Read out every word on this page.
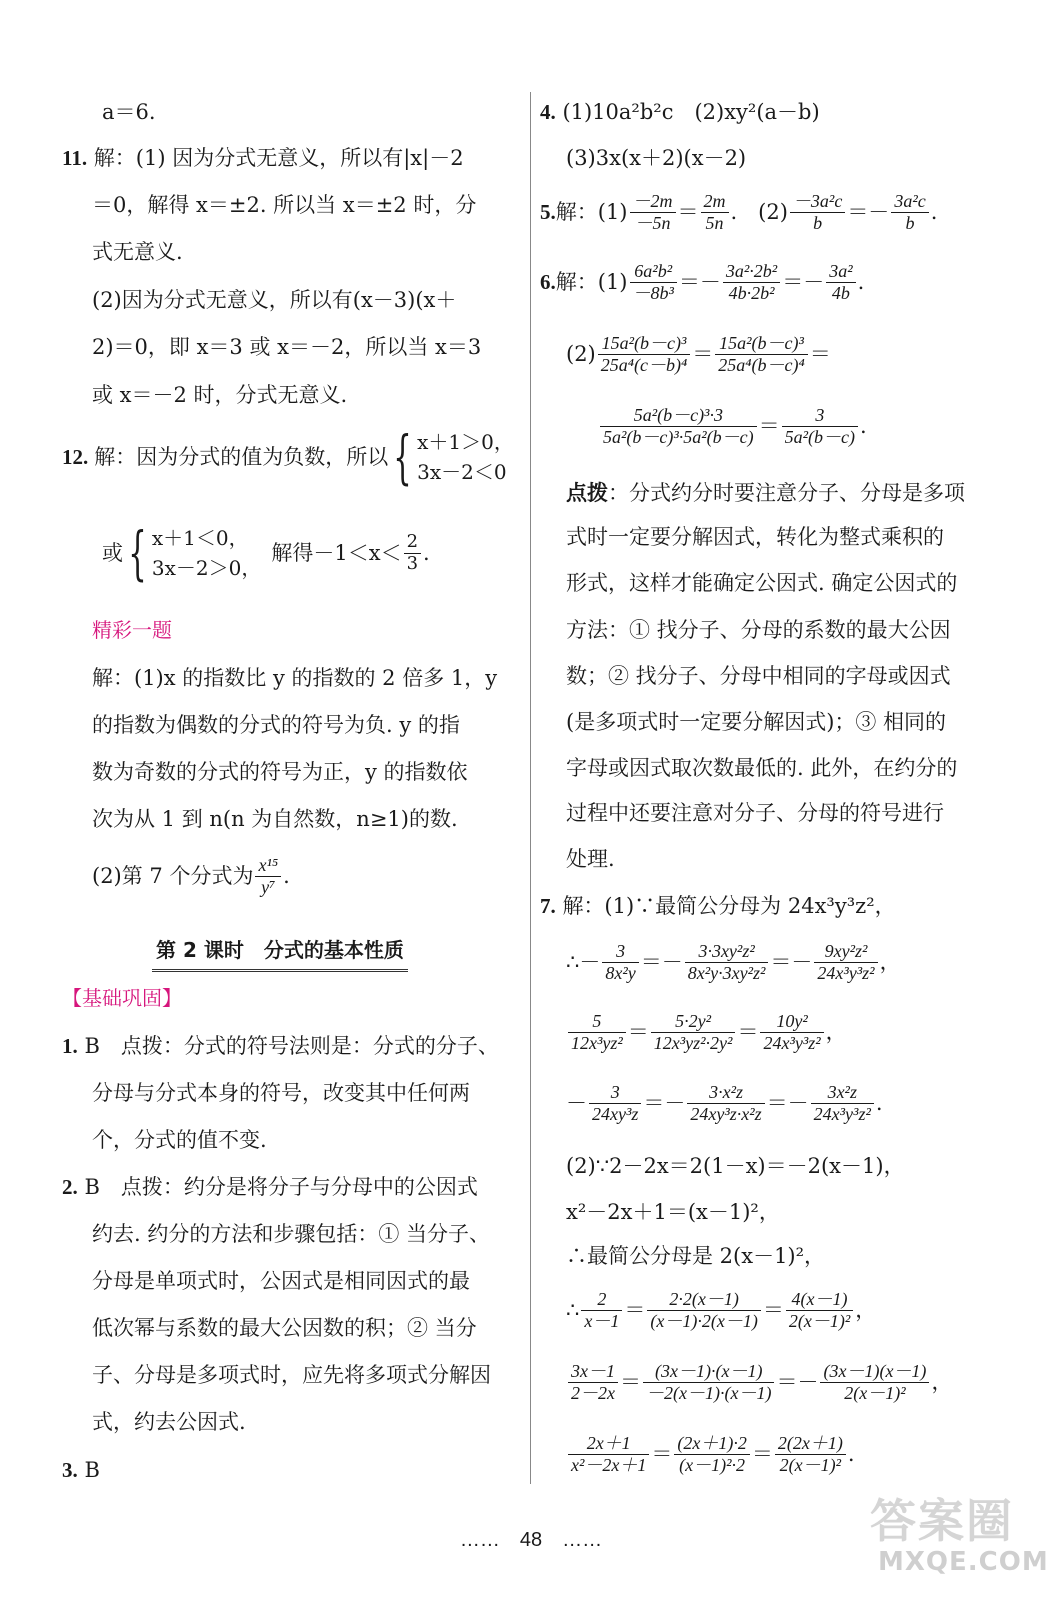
a＝6.
11. 解：(1) 因为分式无意义，所以有|x|－2
＝0，解得 x＝±2. 所以当 x＝±2 时，分
式无意义.
(2)因为分式无意义，所以有(x－3)(x＋
2)＝0，即 x＝3 或 x＝－2，所以当 x＝3
或 x＝－2 时，分式无意义.
12. 解：因为分式的值为负数，所以 { x＋1＞0，
3x－2＜0
或 { x＋1＜0，
3x－2＞0，
解得$-1<x< \frac{2}{3}$ .
精彩一题
解：(1)x 的指数比 y 的指数的 2 倍多 1，y
的指数为偶数的分式的符号为负. y 的指
数为奇数的分式的符号为正，y 的指数依
次为从 1 到 n(n 为自然数，n≥1)的数.
(2)第 7 个分式为 $\frac{\text{x¹⁵}}{\text{y⁷}}$ .
第 2 课时　分式的基本性质
【基础巩固】
1. B　点拨：分式的符号法则是：分式的分子、
分母与分式本身的符号，改变其中任何两
个，分式的值不变.
2. B　点拨：约分是将分子与分母中的公因式
约去. 约分的方法和步骤包括：① 当分子、
分母是单项式时，公因式是相同因式的最
低次幂与系数的最大公因数的积；② 当分
子、分母是多项式时，应先将多项式分解因
式，约去公因式.
3. B
4. (1)10a²b²c　(2)xy²(a－b)
(3)3x(x＋2)(x－2)
5. 解：$(1) \frac{-2m}{-5n} = \frac{2m}{5n}$ .　$(2) \frac{\text{－3a²c}}{b} =- \frac{\text{3a²c}}{b}$ .
6. 解：$(1) \frac{\text{6a²b²}}{\text{－8b³}} =- \frac{\text{3a²·2b²}}{\text{4b·2b²}} =- \frac{\text{3a²}}{4b}$ .
$(2) \frac{\text{15a²(b－c)³}}{\text{25a⁴(c－b)⁴}} = \frac{\text{15a²(b－c)³}}{\text{25a⁴(b－c)⁴}}$ ＝
$\frac{\text{5a²(b－c)³·3}}{\text{5a²(b－c)³·5a²(b－c)}} = \frac{3}{\text{5a²(b－c)}}$ .
点拨：分式约分时要注意分子、分母是多项
式时一定要分解因式，转化为整式乘积的
形式，这样才能确定公因式. 确定公因式的
方法：① 找分子、分母的系数的最大公因
数；② 找分子、分母中相同的字母或因式
(是多项式时一定要分解因式)；③ 相同的
字母或因式取次数最低的. 此外，在约分的
过程中还要注意对分子、分母的符号进行
处理.
7. 解：(1)∵最简公分母为 24x³y³z²，
∴－ $\frac{3}{\text{8x²y}} =- \frac{\text{3·3xy²z²}}{\text{8x²y·3xy²z²}} =- \frac{\text{9xy²z²}}{\text{24x³y³z²}}$ ，
$\frac{5}{\text{12x³yz²}} = \frac{\text{5·2y²}}{\text{12x³yz²·2y²}} = \frac{\text{10y²}}{\text{24x³y³z²}}$ ，
－ $\frac{3}{\text{24xy³z}} =- \frac{\text{3·x²z}}{\text{24xy³z·x²z}} =- \frac{\text{3x²z}}{\text{24x³y³z²}}$ .
(2)∵2－2x＝2(1－x)＝－2(x－1)，
x²－2x＋1＝(x－1)²，
∴最简公分母是 2(x－1)²，
∴ $\frac{2}{x-1} = \frac{2\cdot 2(x-1)}{(x-1)\cdot 2(x-1)} = \frac{4(x-1)}{\text{2(x－1)²}}$ ，
$\frac{3x-1}{2-2x} = \frac{(3x-1)\cdot(x-1)}{-2(x-1)\cdot(x-1)} =- \frac{(3x-1)(x-1)}{\text{2(x－1)²}}$ ，
$\frac{2x+1}{\text{x²－2x＋1}} = \frac{(2x+1)\cdot 2}{\text{(x－1)²·2}} = \frac{2(2x+1)}{\text{2(x－1)²}}$ .
……　48　……	答案圈
MXQE.COM
